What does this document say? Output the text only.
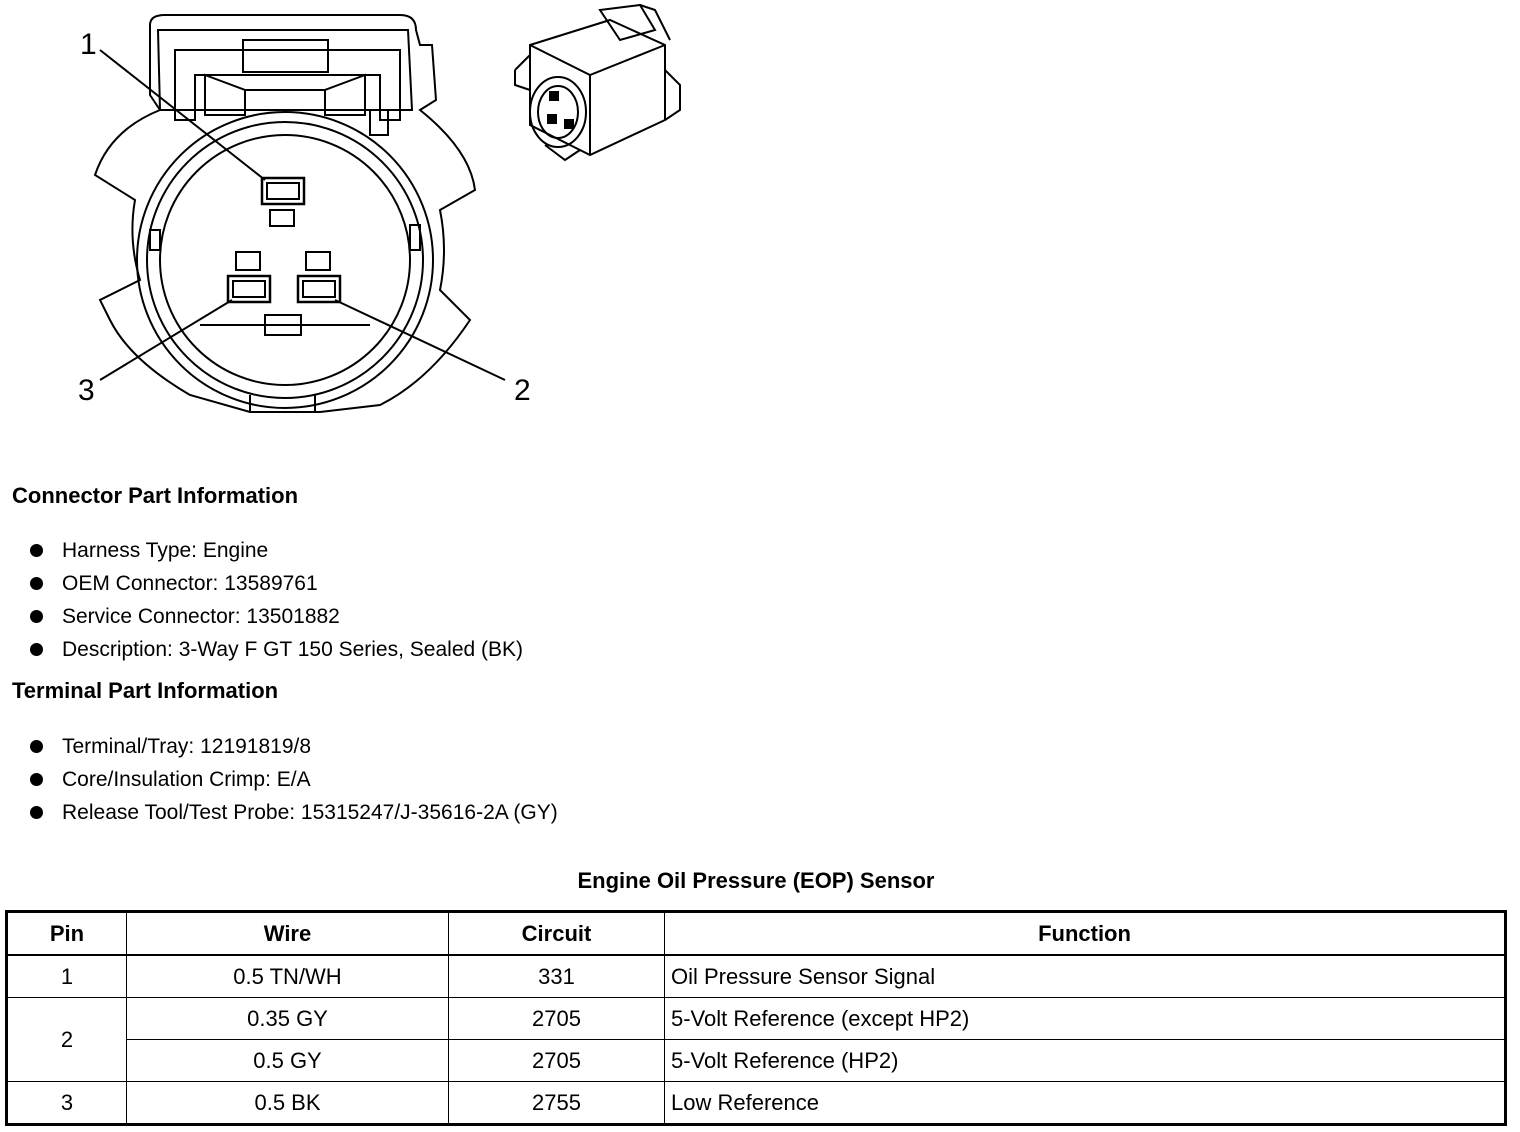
1
2
3
Connector Part Information
Harness Type: Engine
OEM Connector: 13589761
Service Connector: 13501882
Description: 3-Way F GT 150 Series, Sealed (BK)
Terminal Part Information
Terminal/Tray: 12191819/8
Core/Insulation Crimp: E/A
Release Tool/Test Probe: 15315247/J-35616-2A (GY)
Engine Oil Pressure (EOP) Sensor
Pin	Wire	Circuit	Function
1	0.5 TN/WH	331	Oil Pressure Sensor Signal
2	0.35 GY	2705	5-Volt Reference (except HP2)
	0.5 GY	2705	5-Volt Reference (HP2)
3	0.5 BK	2755	Low Reference
